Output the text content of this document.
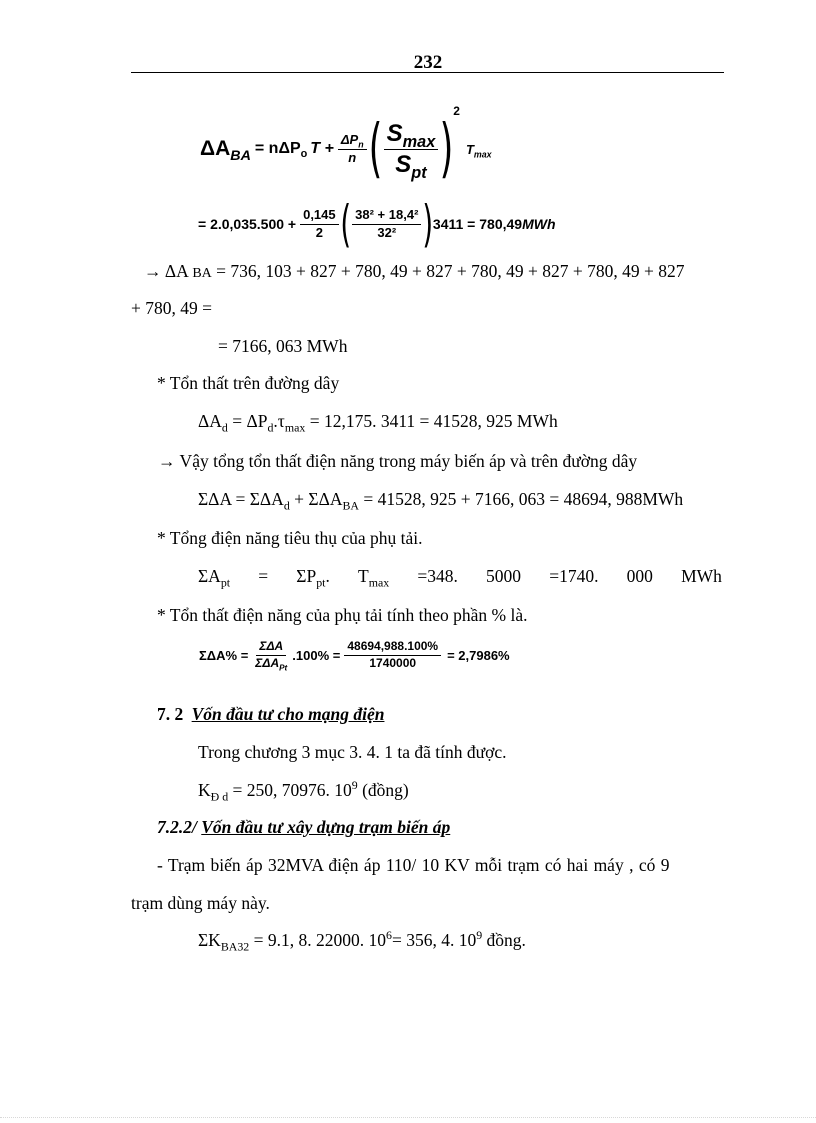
232
$\Delta A_{BA} = n\Delta P_o$ $T + \frac{\Delta P_n}{n}$ ( $\frac{S_{max}}{S_{pt}}$ )
2
$T_{max}$
= $2.0,035.500 + \frac{0,145}{2}$ ( $\frac{\text{38² + 18,4²}}{\text{32²}}$ ) 3411 = 780,49 MWh
→ ΔA BA = 736, 103 + 827 + 780, 49 + 827 + 780, 49 + 827 + 780, 49 + 827
+ 780, 49 =
= 7166, 063 MWh
* Tổn thất trên đường dây
$\Delta A_d = \Delta P_d.\tau_{max} = 12,175$. 3411 = 41528, 925 MWh
→ Vậy tổng tổn thất điện năng trong máy biến áp và trên đường dây
$\Sigma\Delta A = \Sigma\Delta A_d + \Sigma\Delta A_{BA} = 41528$, 925 + 7166, 063 = 48694, 988MWh
* Tổng điện năng tiêu thụ của phụ tải.
$\Sigma A_{pt} = \Sigma P_{pt}$. $T_{max} =348$. 5000 =1740. 000 MWh
* Tổn thất điện năng của phụ tải tính theo phần % là.
$\Sigma\Delta A\% = \frac{\text{ΣΔA}}{\Sigma\Delta A_{Pt}} .100\% = \frac{48694,988.100\%}{1740000} = 2,7986\%$
7. 2 Vốn đầu tư cho mạng điện
Trong chương 3 mục 3. 4. 1 ta đã tính được.
$K_{Đ d} = 250$, 70976. $10^9$ (đồng)
7.2.2/ Vốn đầu tư xây dựng trạm biến áp
- Trạm biến áp 32MVA điện áp 110/ 10 KV mỗi trạm có hai máy , có 9
trạm dùng máy này.
$\Sigma K_{BA32} = 9.1$, 8. 22000. $10^6= 356$, 4. $10^9$ đồng.
